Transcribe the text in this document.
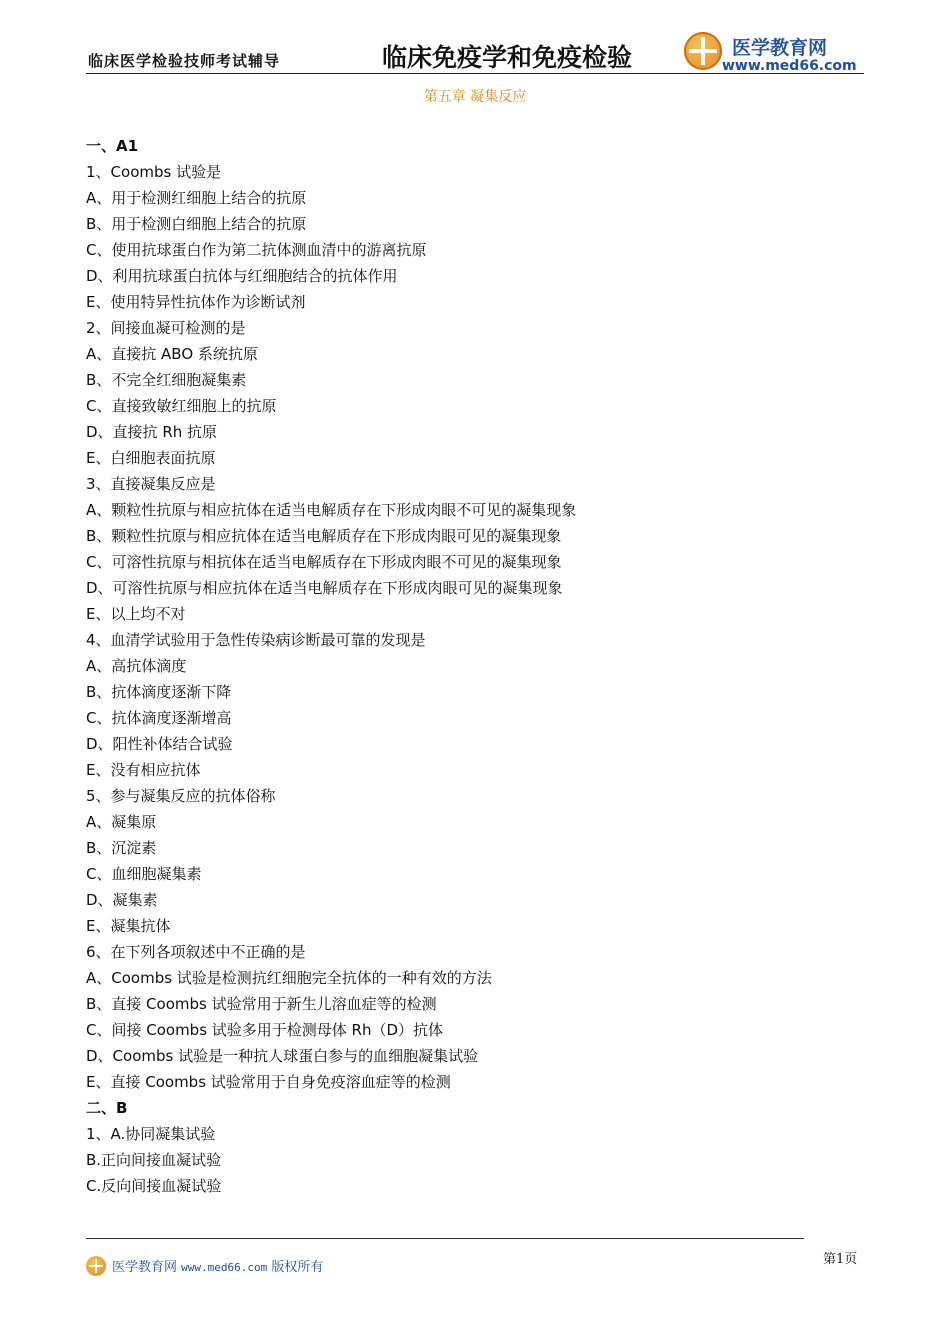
临床医学检验技师考试辅导	临床免疫学和免疫检验	医学教育网
www.med66.com
第五章 凝集反应
一、A1
1、Coombs 试验是
A、用于检测红细胞上结合的抗原
B、用于检测白细胞上结合的抗原
C、使用抗球蛋白作为第二抗体测血清中的游离抗原
D、利用抗球蛋白抗体与红细胞结合的抗体作用
E、使用特异性抗体作为诊断试剂
2、间接血凝可检测的是
A、直接抗 ABO 系统抗原
B、不完全红细胞凝集素
C、直接致敏红细胞上的抗原
D、直接抗 Rh 抗原
E、白细胞表面抗原
3、直接凝集反应是
A、颗粒性抗原与相应抗体在适当电解质存在下形成肉眼不可见的凝集现象
B、颗粒性抗原与相应抗体在适当电解质存在下形成肉眼可见的凝集现象
C、可溶性抗原与相抗体在适当电解质存在下形成肉眼不可见的凝集现象
D、可溶性抗原与相应抗体在适当电解质存在下形成肉眼可见的凝集现象
E、以上均不对
4、血清学试验用于急性传染病诊断最可靠的发现是
A、高抗体滴度
B、抗体滴度逐渐下降
C、抗体滴度逐渐增高
D、阳性补体结合试验
E、没有相应抗体
5、参与凝集反应的抗体俗称
A、凝集原
B、沉淀素
C、血细胞凝集素
D、凝集素
E、凝集抗体
6、在下列各项叙述中不正确的是
A、Coombs 试验是检测抗红细胞完全抗体的一种有效的方法
B、直接 Coombs 试验常用于新生儿溶血症等的检测
C、间接 Coombs 试验多用于检测母体 Rh（D）抗体
D、Coombs 试验是一种抗人球蛋白参与的血细胞凝集试验
E、直接 Coombs 试验常用于自身免疫溶血症等的检测
二、B
1、A.协同凝集试验
B.正向间接血凝试验
C.反向间接血凝试验
医学教育网 www.med66.com 版权所有
第1页
